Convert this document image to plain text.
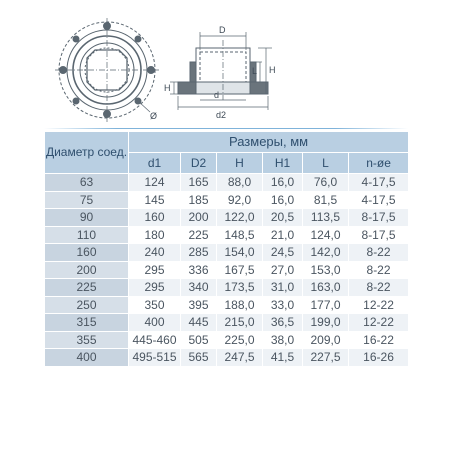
Ø
D
H
L
H
d
d2
Диаметр соед.	Размеры, мм					
	d1	D2	H	H1	L	n-øe
63	124	165	88,0	16,0	76,0	4-17,5
75	145	185	92,0	16,0	81,5	4-17,5
90	160	200	122,0	20,5	113,5	8-17,5
110	180	225	148,5	21,0	124,0	8-17,5
160	240	285	154,0	24,5	142,0	8-22
200	295	336	167,5	27,0	153,0	8-22
225	295	340	173,5	31,0	163,0	8-22
250	350	395	188,0	33,0	177,0	12-22
315	400	445	215,0	36,5	199,0	12-22
355	445-460	505	225,0	38,0	209,0	16-22
400	495-515	565	247,5	41,5	227,5	16-26
